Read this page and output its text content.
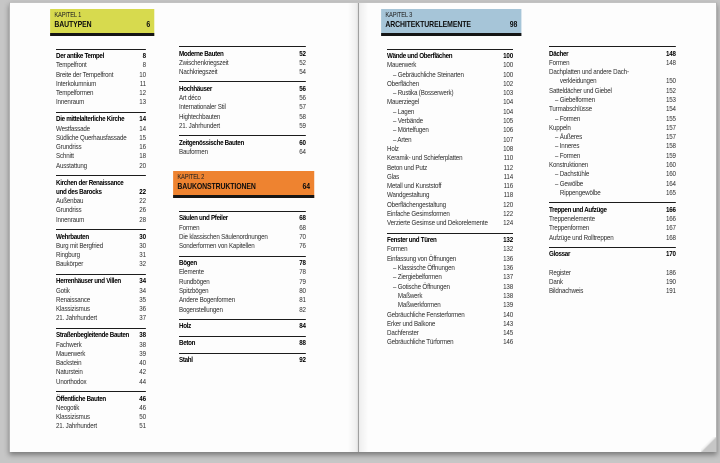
KAPITEL 1
BAUTYPEN	6
Der antike Tempel	8
Tempelfront	8
Breite der Tempelfront	10
Interkolumnium	11
Tempelformen	12
Innenraum	13
Die mittelalterliche Kirche	14
Westfassade	14
Südliche Querhausfassade	15
Grundriss	16
Schnitt	18
Ausstattung	20
Kirchen der Renaissance
und des Barocks	22
Außenbau	22
Grundriss	26
Innenraum	28
Wehrbauten	30
Burg mit Bergfried	30
Ringburg	31
Baukörper	32
Herrenhäuser und Villen	34
Gotik	34
Renaissance	35
Klassizismus	36
21. Jahrhundert	37
Straßenbegleitende Bauten	38
Fachwerk	38
Mauerwerk	39
Backstein	40
Naturstein	42
Unorthodox	44
Öffentliche Bauten	46
Neogotik	46
Klassizismus	50
21. Jahrhundert	51
Moderne Bauten	52
Zwischenkriegszeit	52
Nachkriegszeit	54
Hochhäuser	56
Art déco	56
Internationaler Stil	57
Hightechbauten	58
21. Jahrhundert	59
Zeitgenössische Bauten	60
Bauformen	64
KAPITEL 2
BAUKONSTRUKTIONEN	64
Säulen und Pfeiler	68
Formen	68
Die klassischen Säulenordnungen	70
Sonderformen von Kapitellen	76
Bögen	78
Elemente	78
Rundbögen	79
Spitzbögen	80
Andere Bogenformen	81
Bogenstellungen	82
Holz	84
Beton	88
Stahl	92
KAPITEL 3
ARCHITEKTURELEMENTE	98
Wände und Oberflächen	100
Mauerwerk	100
– Gebräuchliche Steinarten	100
Oberflächen	102
– Rustika (Bosserwerk)	103
Mauerziegel	104
– Lagen	104
– Verbände	105
– Mörtelfugen	106
– Arten	107
Holz	108
Keramik- und Schieferplatten	110
Beton und Putz	112
Glas	114
Metall und Kunststoff	116
Wandgestaltung	118
Oberflächengestaltung	120
Einfache Gesimsformen	122
Verzierte Gesimse und Dekorelemente	124
Fenster und Türen	132
Formen	132
Einfassung von Öffnungen	136
– Klassische Öffnungen	136
– Ziergiebelformen	137
– Gotische Öffnungen	138
Maßwerk	138
Maßwerkformen	139
Gebräuchliche Fensterformen	140
Erker und Balkone	143
Dachfenster	145
Gebräuchliche Türformen	146
Dächer	148
Formen	148
Dachplatten und andere Dach-
verkleidungen	150
Satteldächer und Giebel	152
– Giebelformen	153
Turmabschlüsse	154
– Formen	155
Kuppeln	157
– Äußeres	157
– Inneres	158
– Formen	159
Konstruktionen	160
– Dachstühle	160
– Gewölbe	164
Rippengewölbe	165
Treppen und Aufzüge	166
Treppenelemente	166
Treppenformen	167
Aufzüge und Rolltreppen	168
Glossar	170
Register	186
Dank	190
Bildnachweis	191
